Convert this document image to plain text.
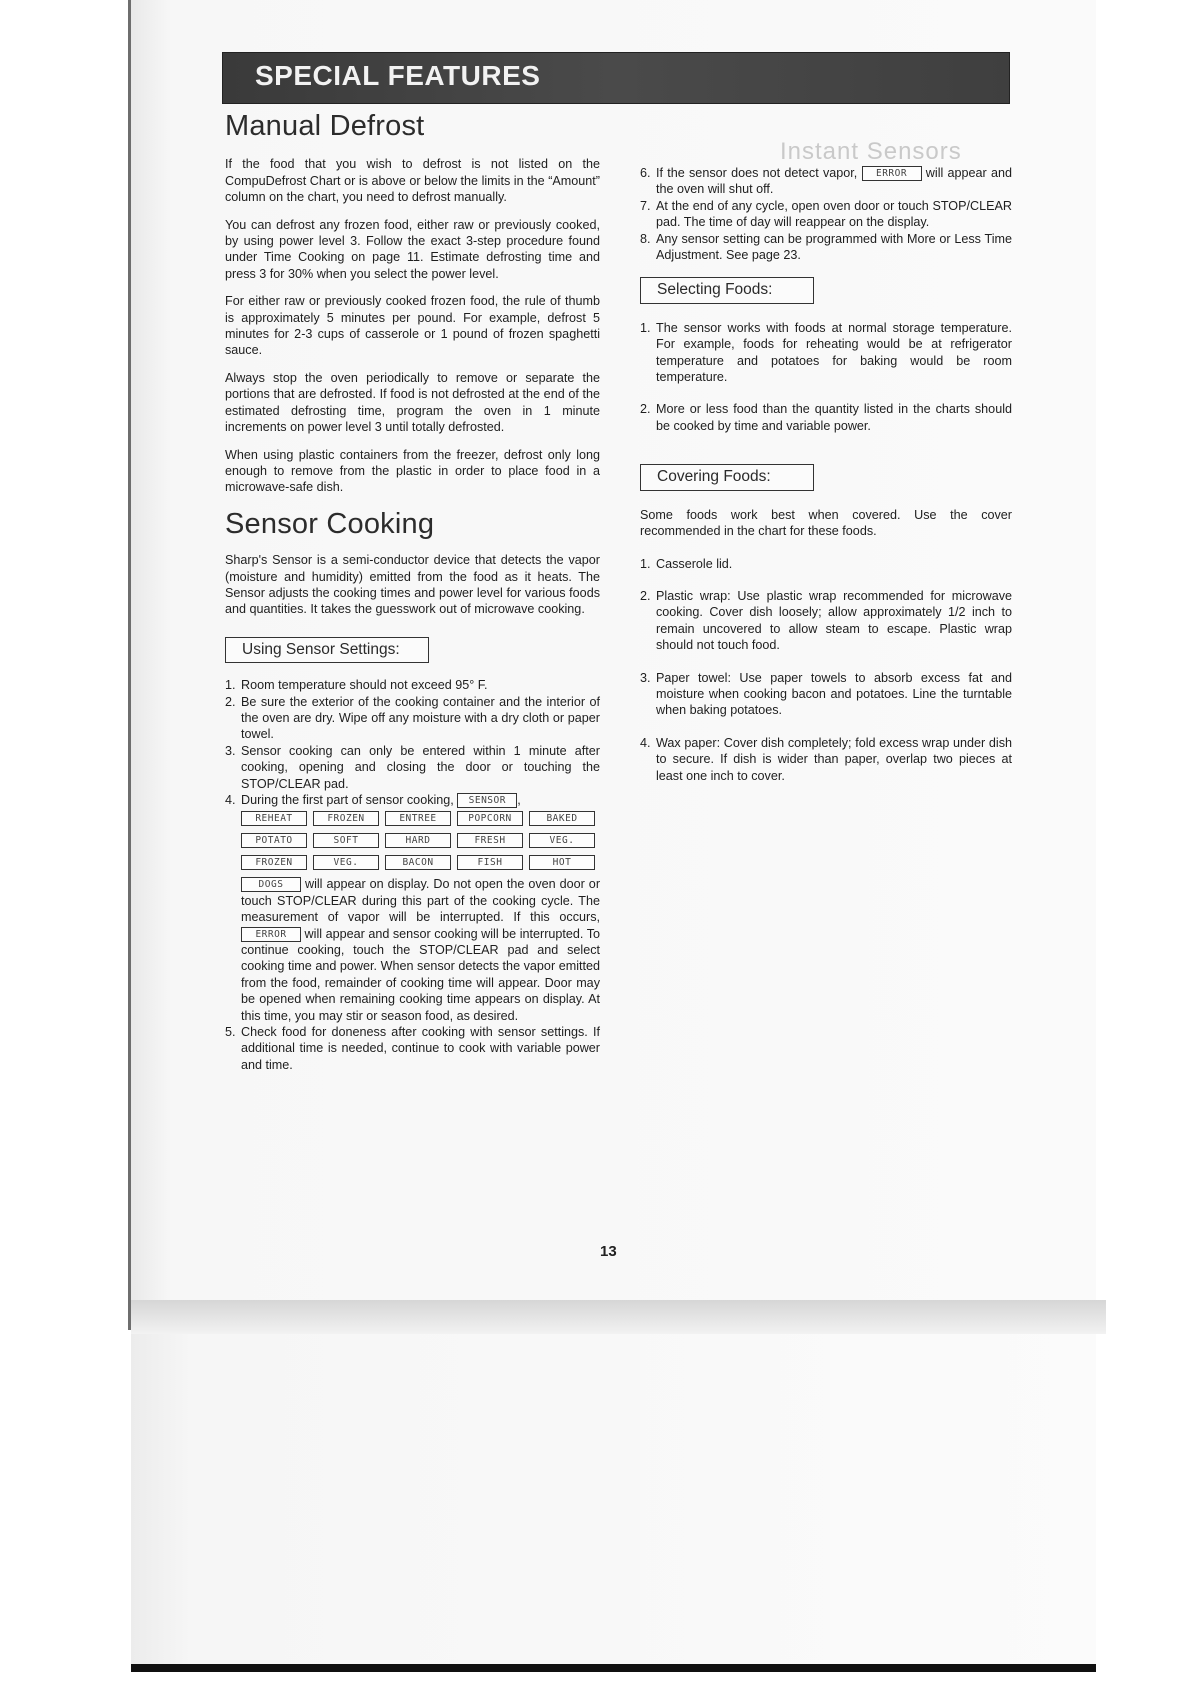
Instant Sensors
SPECIAL FEATURES
Manual Defrost

If the food that you wish to defrost is not listed on the CompuDefrost Chart or is above or below the limits in the “Amount” column on the chart, you need to defrost manually.

You can defrost any frozen food, either raw or previously cooked, by using power level 3. Follow the exact 3-step procedure found under Time Cooking on page 11. Estimate defrosting time and press 3 for 30% when you select the power level.

For either raw or previously cooked frozen food, the rule of thumb is approximately 5 minutes per pound. For example, defrost 5 minutes for 2-3 cups of casserole or 1 pound of frozen spaghetti sauce.

Always stop the oven periodically to remove or separate the portions that are defrosted. If food is not defrosted at the end of the estimated defrosting time, program the oven in 1 minute increments on power level 3 until totally defrosted.

When using plastic containers from the freezer, defrost only long enough to remove from the plastic in order to place food in a microwave-safe dish.

Sensor Cooking

Sharp's Sensor is a semi-conductor device that detects the vapor (moisture and humidity) emitted from the food as it heats. The Sensor adjusts the cooking times and power level for various foods and quantities. It takes the guesswork out of microwave cooking.

Using Sensor Settings:
1. Room temperature should not exceed 95° F.
2. Be sure the exterior of the cooking container and the interior of the oven are dry. Wipe off any moisture with a dry cloth or paper towel.
3. Sensor cooking can only be entered within 1 minute after cooking, opening and closing the door or touching the STOP/CLEAR pad.
4. During the first part of sensor cooking, SENSOR ,
REHEAT	FROZEN	ENTREE	POPCORN	BAKED
POTATO	SOFT	HARD	FRESH	VEG.
FROZEN	VEG.	BACON	FISH	HOT
DOGS will appear on display. Do not open the oven door or touch STOP/CLEAR during this part of the cooking cycle. The measurement of vapor will be interrupted. If this occurs, ERROR will appear and sensor cooking will be interrupted. To continue cooking, touch the STOP/CLEAR pad and select cooking time and power. When sensor detects the vapor emitted from the food, remainder of cooking time will appear. Door may be opened when remaining cooking time appears on display. At this time, you may stir or season food, as desired.
5. Check food for doneness after cooking with sensor settings. If additional time is needed, continue to cook with variable power and time.
6. If the sensor does not detect vapor, ERROR will appear and the oven will shut off.
7. At the end of any cycle, open oven door or touch STOP/CLEAR pad. The time of day will reappear on the display.
8. Any sensor setting can be programmed with More or Less Time Adjustment. See page 23.
Selecting Foods:
1. The sensor works with foods at normal storage temperature. For example, foods for reheating would be at refrigerator temperature and potatoes for baking would be room temperature.
2. More or less food than the quantity listed in the charts should be cooked by time and variable power.
Covering Foods:

Some foods work best when covered. Use the cover recommended in the chart for these foods.

1. Casserole lid.
2. Plastic wrap: Use plastic wrap recommended for microwave cooking. Cover dish loosely; allow approximately 1/2 inch to remain uncovered to allow steam to escape. Plastic wrap should not touch food.
3. Paper towel: Use paper towels to absorb excess fat and moisture when cooking bacon and potatoes. Line the turntable when baking potatoes.
4. Wax paper: Cover dish completely; fold excess wrap under dish to secure. If dish is wider than paper, overlap two pieces at least one inch to cover.
13
